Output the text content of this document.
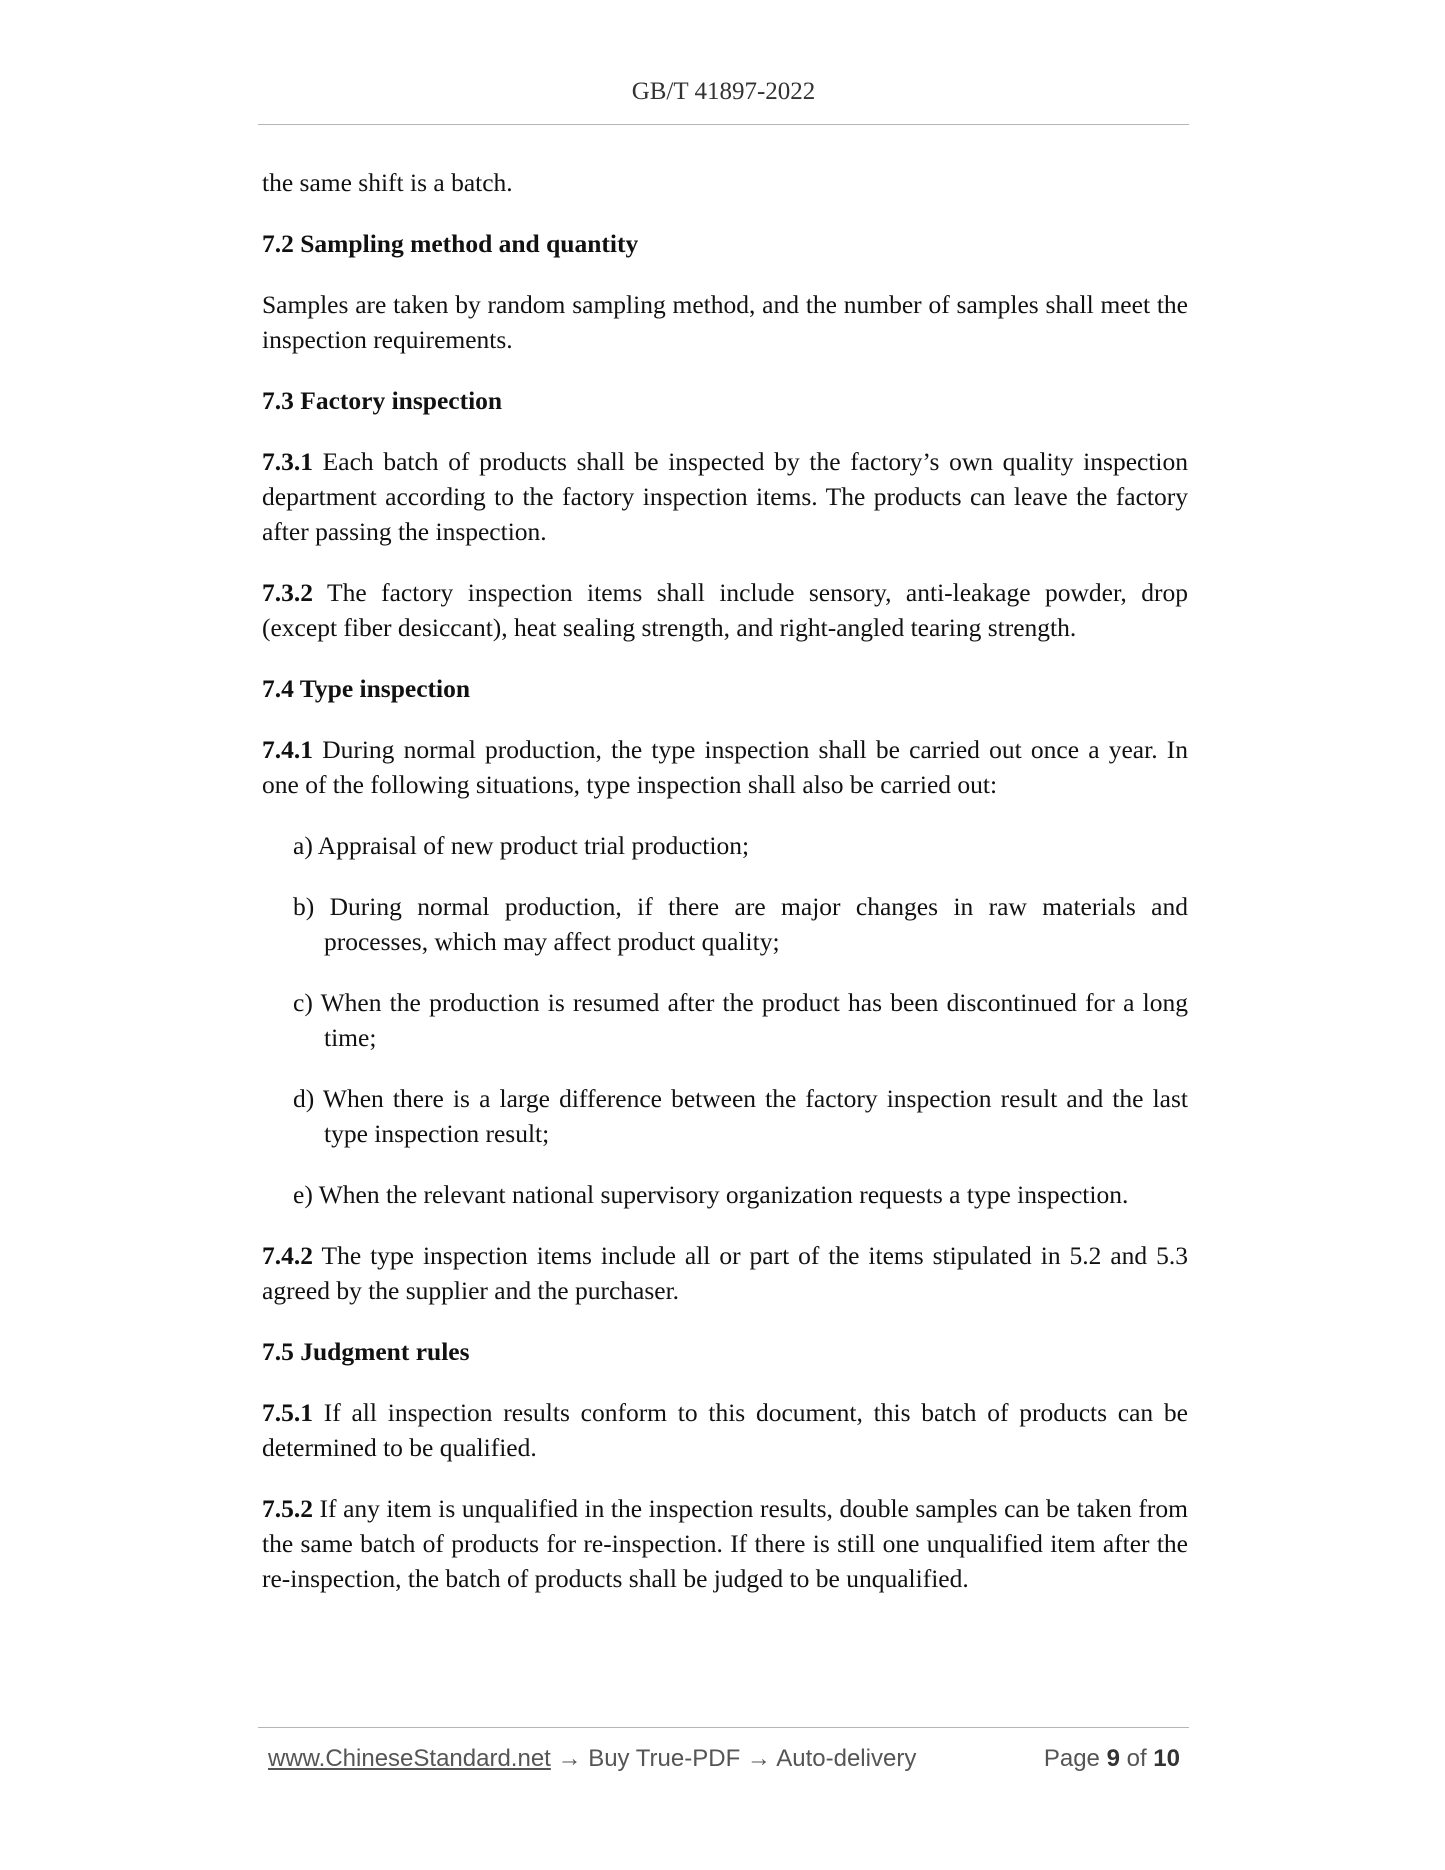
GB/T 41897-2022

the same shift is a batch.

7.2 Sampling method and quantity

Samples are taken by random sampling method, and the number of samples shall meet the inspection requirements.

7.3 Factory inspection

7.3.1 Each batch of products shall be inspected by the factory’s own quality inspection department according to the factory inspection items. The products can leave the factory after passing the inspection.

7.3.2 The factory inspection items shall include sensory, anti-leakage powder, drop (except fiber desiccant), heat sealing strength, and right-angled tearing strength.

7.4 Type inspection

7.4.1 During normal production, the type inspection shall be carried out once a year. In one of the following situations, type inspection shall also be carried out:

a) Appraisal of new product trial production;

b) During normal production, if there are major changes in raw materials and processes, which may affect product quality;

c) When the production is resumed after the product has been discontinued for a long time;

d) When there is a large difference between the factory inspection result and the last type inspection result;

e) When the relevant national supervisory organization requests a type inspection.

7.4.2 The type inspection items include all or part of the items stipulated in 5.2 and 5.3 agreed by the supplier and the purchaser.

7.5 Judgment rules

7.5.1 If all inspection results conform to this document, this batch of products can be determined to be qualified.

7.5.2 If any item is unqualified in the inspection results, double samples can be taken from the same batch of products for re-inspection. If there is still one unqualified item after the re-inspection, the batch of products shall be judged to be unqualified.

www.ChineseStandard.net → Buy True-PDF → Auto-delivery	Page 9 of 10
